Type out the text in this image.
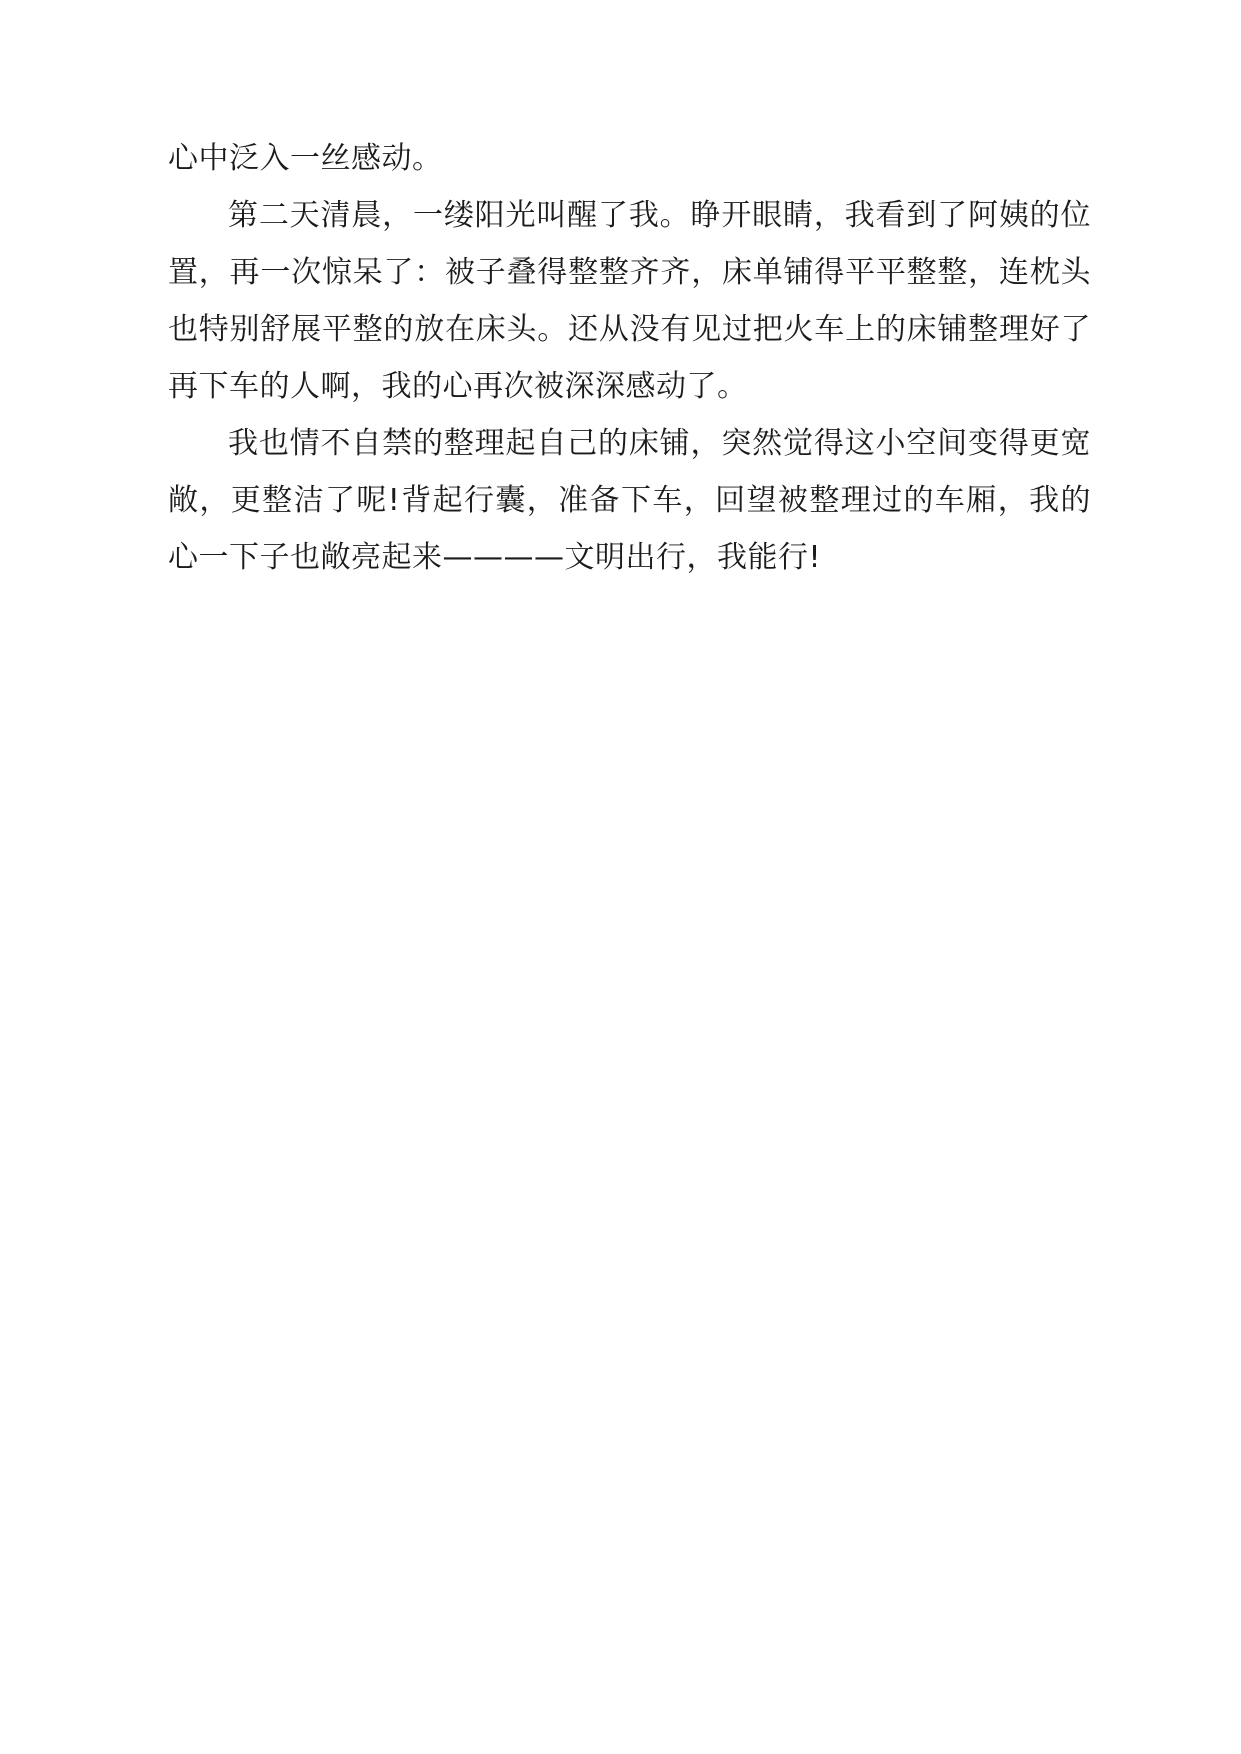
心中泛入一丝感动。

第二天清晨，一缕阳光叫醒了我。睁开眼睛，我看到了阿姨的位置，再一次惊呆了：被子叠得整整齐齐，床单铺得平平整整，连枕头也特别舒展平整的放在床头。还从没有见过把火车上的床铺整理好了再下车的人啊，我的心再次被深深感动了。

我也情不自禁的整理起自己的床铺，突然觉得这小空间变得更宽敞，更整洁了呢!背起行囊，准备下车，回望被整理过的车厢，我的心一下子也敞亮起来————文明出行，我能行!
